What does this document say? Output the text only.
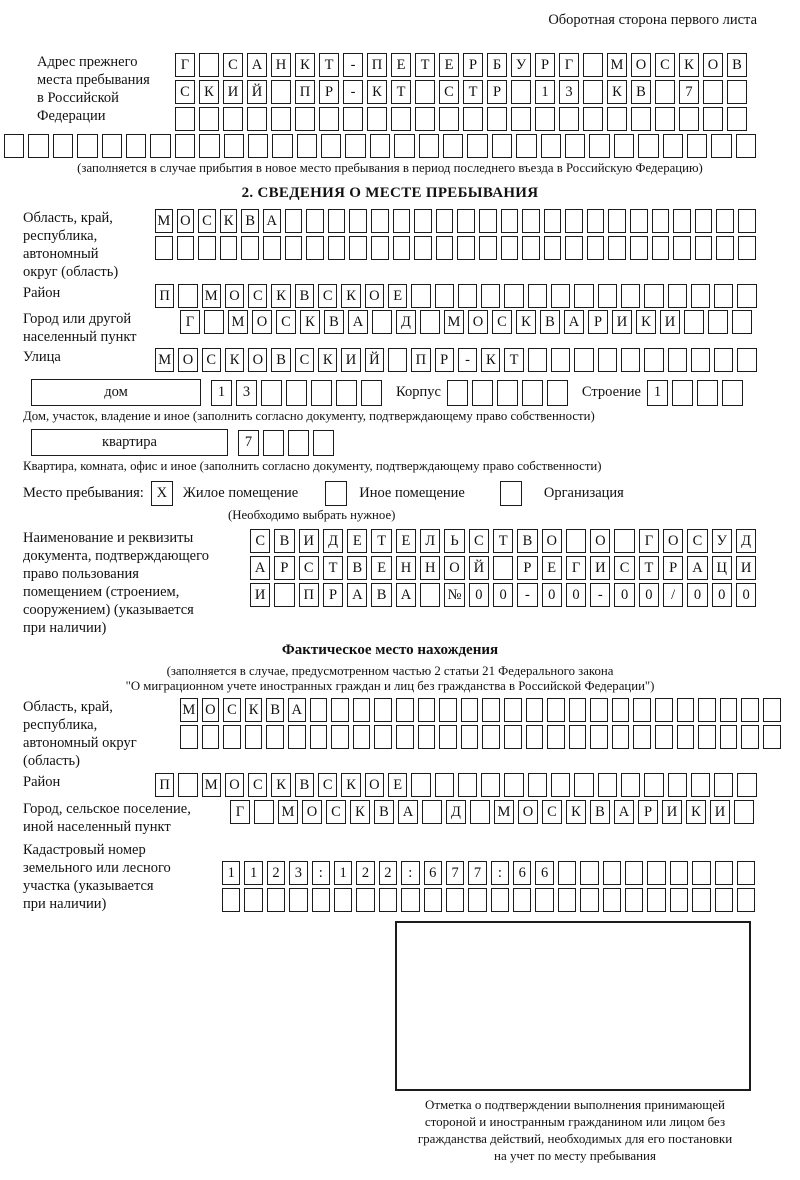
Оборотная сторона первого листа
Адрес прежнего
места пребывания
в Российской
Федерации
Г	С А Н К	Т	-	П Е	Т	Е	Р	Б	У	Р	Г	М О С К О В
С К И Й	П	Р	-	К	Т	С	Т	Р	1	3	К В	7
(заполняется в случае прибытия в новое место пребывания в период последнего въезда в Российскую Федерацию)
2. СВЕДЕНИЯ О МЕСТЕ ПРЕБЫВАНИЯ
Область, край,
республика,
автономный
округ (область)
М О С К В А
Район	П	М О С К В С К О Е
Город или другой
населенный пункт
Г	М О С К В А	Д	М О С К В А	Р	И К И
Улица	М О С К О В С К И Й	П Р	-	К Т
дом	1	3	Корпус	Строение 1
Дом, участок, владение и иное (заполнить согласно документу, подтверждающему право собственности)
квартира	7
Квартира, комната, офис и иное (заполнить согласно документу, подтверждающему право собственности)
Место пребывания: X	Жилое помещение	Иное помещение	Организация
(Необходимо выбрать нужное)
Наименование и реквизиты
документа, подтверждающего
право пользования
помещением (строением,
сооружением) (указывается
при наличии)
С	В И Д	Е	Т	Е	Л	Ь	С	Т	В О	О	Г	О С У Д
А	Р	С	Т	В	Е	Н Н О Й	Р	Е	Г	И С	Т	Р	А Ц И
И	П	Р	А В А	№ 0	0	-	0	0	-	0	0	/	0	0	0
Фактическое место нахождения
(заполняется в случае, предусмотренном частью 2 статьи 21 Федерального закона
"О миграционном учете иностранных граждан и лиц без гражданства в Российской Федерации")
Область, край,
республика,
автономный округ
(область)
М О С К В А
Район	П	М О С К В С К О Е
Город, сельское поселение,
иной населенный пункт
Г	М О С К В А	Д	М О С К В А	Р	И К И
Кадастровый номер
земельного или лесного
участка (указывается
при наличии)
1	1	2	3	:	1	2	2	:	6	7	7	:	6	6
Отметка о подтверждении выполнения принимающей
стороной и иностранным гражданином или лицом без
гражданства действий, необходимых для его постановки
на учет по месту пребывания
